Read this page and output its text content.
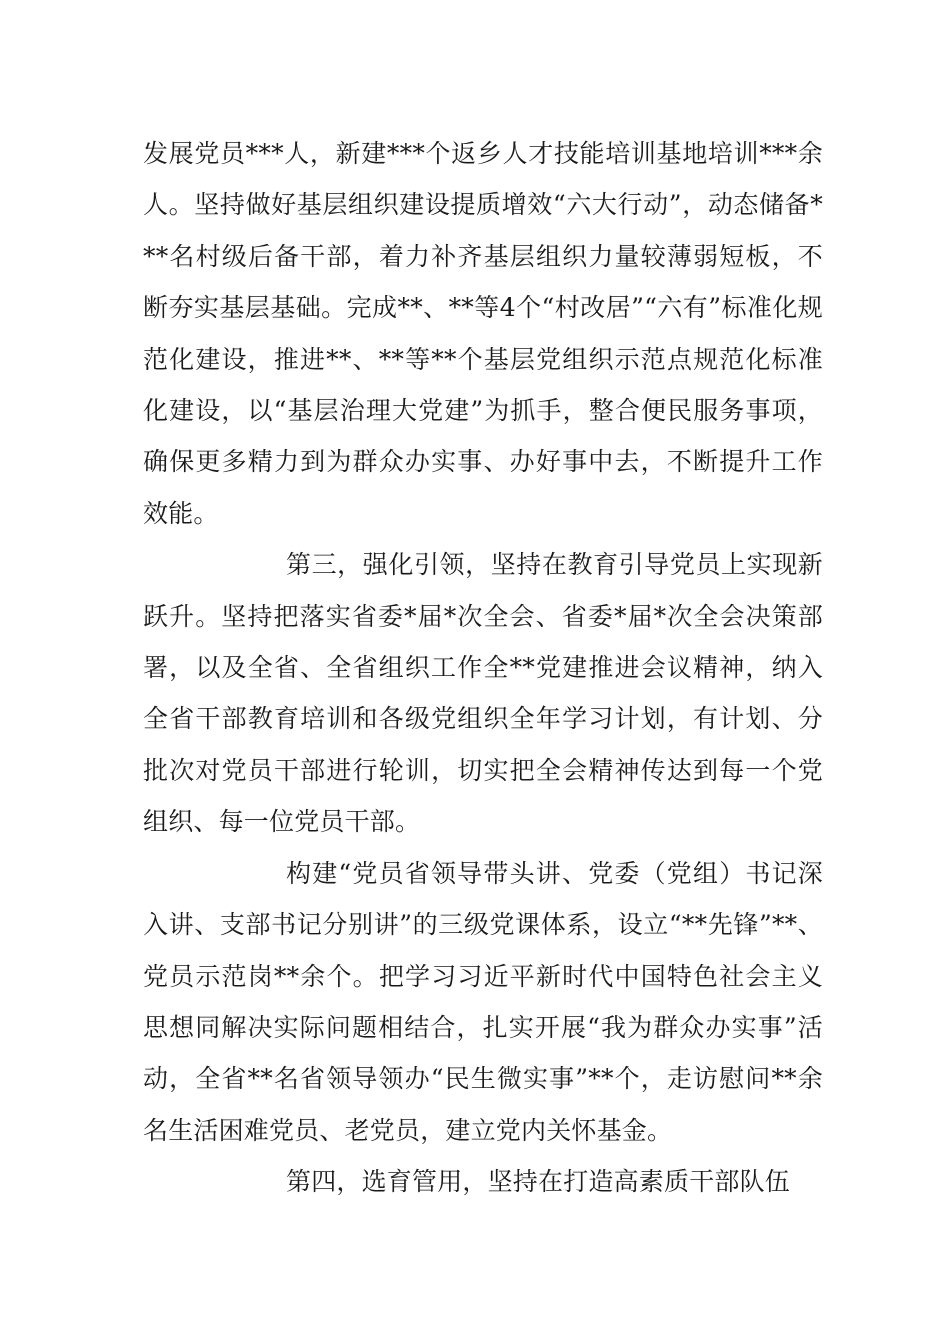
发展党员***人，新建***个返乡人才技能培训基地培训***余人。坚持做好基层组织建设提质增效“六大行动”，动态储备***名村级后备干部，着力补齐基层组织力量较薄弱短板，不断夯实基层基础。完成**、**等4个“村改居”“六有”标准化规范化建设，推进**、**等**个基层党组织示范点规范化标准化建设，以“基层治理大党建”为抓手，整合便民服务事项，确保更多精力到为群众办实事、办好事中去，不断提升工作效能。

第三，强化引领，坚持在教育引导党员上实现新跃升。坚持把落实省委*届*次全会、省委*届*次全会决策部署，以及全省、全省组织工作全**党建推进会议精神，纳入全省干部教育培训和各级党组织全年学习计划，有计划、分批次对党员干部进行轮训，切实把全会精神传达到每一个党组织、每一位党员干部。

构建“党员省领导带头讲、党委（党组）书记深入讲、支部书记分别讲”的三级党课体系，设立“**先锋”**、党员示范岗**余个。把学习习近平新时代中国特色社会主义思想同解决实际问题相结合，扎实开展“我为群众办实事”活动，全省**名省领导领办“民生微实事”**个，走访慰问**余名生活困难党员、老党员，建立党内关怀基金。

第四，选育管用，坚持在打造高素质干部队伍
